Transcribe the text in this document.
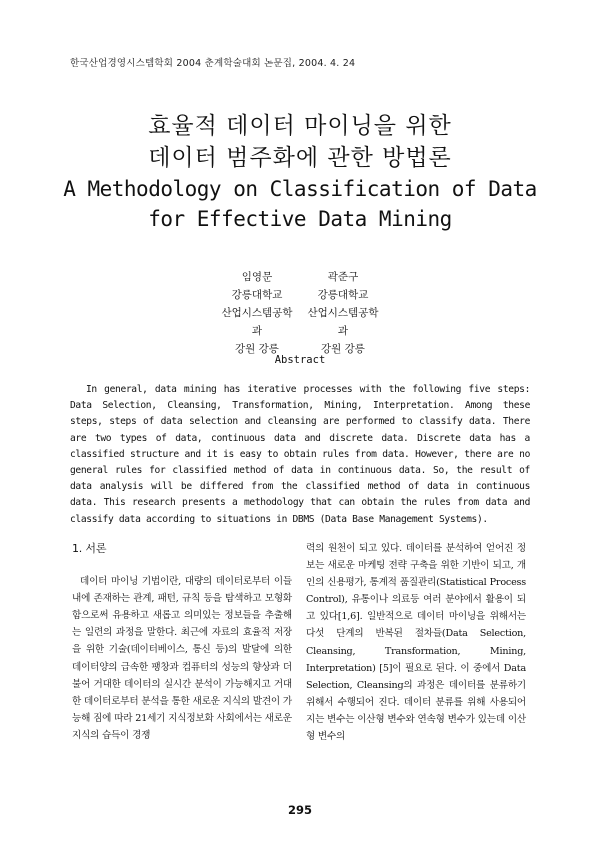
한국산업경영시스템학회 2004 춘계학술대회 논문집, 2004. 4. 24
효율적 데이터 마이닝을 위한
데이터 범주화에 관한 방법론
A Methodology on Classification of Data
for Effective Data Mining
임영문
강릉대학교
산업시스템공학과
강원 강릉
곽준구
강릉대학교
산업시스템공학과
강원 강릉
Abstract

In general, data mining has iterative processes with the following five steps: Data Selection, Cleansing, Transformation, Mining, Interpretation. Among these steps, steps of data selection and cleansing are performed to classify data. There are two types of data, continuous data and discrete data. Discrete data has a classified structure and it is easy to obtain rules from data. However, there are no general rules for classified method of data in continuous data. So, the result of data analysis will be differed from the classified method of data in continuous data. This research presents a methodology that can obtain the rules from data and classify data according to situations in DBMS (Data Base Management Systems).

1. 서론

데이터 마이닝 기법이란, 대량의 데이터로부터 이들 내에 존재하는 관계, 패턴, 규칙 등을 탐색하고 모형화 함으로써 유용하고 새롭고 의미있는 정보들을 추출해는 일련의 과정을 말한다. 최근에 자료의 효율적 저장을 위한 기술(데이터베이스, 통신 등)의 발달에 의한 데이터양의 급속한 팽창과 컴퓨터의 성능의 향상과 더불어 거대한 데이터의 실시간 분석이 가능해지고 거대한 데이터로부터 분석을 통한 새로운 지식의 발견이 가능해 짐에 따라 21세기 지식정보화 사회에서는 새로운 지식의 습득이 경쟁

력의 원천이 되고 있다. 데이터를 분석하여 얻어진 정보는 새로운 마케팅 전략 구축을 위한 기반이 되고, 개인의 신용평가, 통계적 품질관리(Statistical Process Control), 유통이나 의료등 여러 분야에서 활용이 되고 있다[1,6]. 일반적으로 데이터 마이닝을 위해서는 다섯 단계의 반복된 절차들(Data Selection, Cleansing, Transformation, Mining, Interpretation) [5]이 필요로 된다. 이 중에서 Data Selection, Cleansing의 과정은 데이터를 분류하기 위해서 수행되어 진다. 데이터 분류를 위해 사용되어 지는 변수는 이산형 변수와 연속형 변수가 있는데 이산형 변수의

295
